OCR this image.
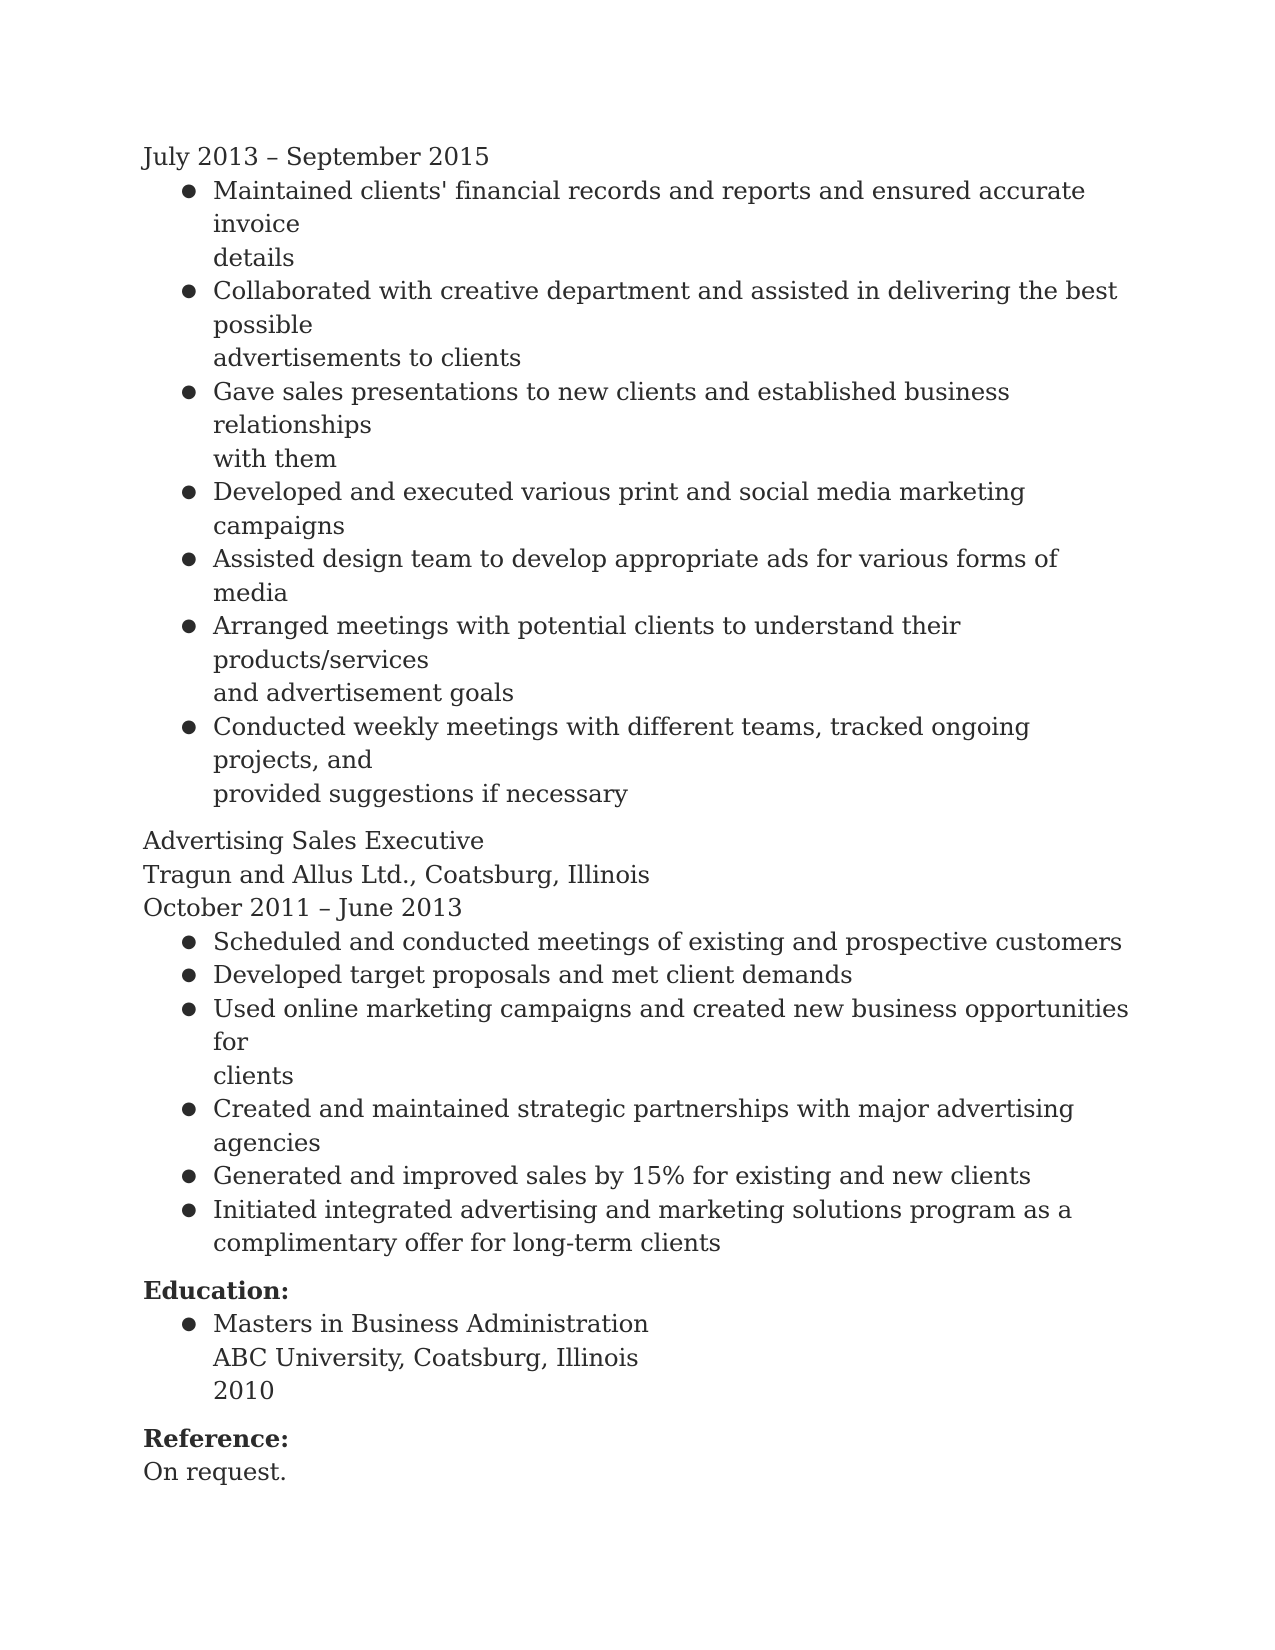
July 2013 – September 2015

● Maintained clients' financial records and reports and ensured accurate invoice
details
● Collaborated with creative department and assisted in delivering the best possible
advertisements to clients
● Gave sales presentations to new clients and established business relationships
with them
● Developed and executed various print and social media marketing campaigns
● Assisted design team to develop appropriate ads for various forms of media
● Arranged meetings with potential clients to understand their products/services
and advertisement goals
● Conducted weekly meetings with different teams, tracked ongoing projects, and
provided suggestions if necessary

Advertising Sales Executive

Tragun and Allus Ltd., Coatsburg, Illinois

October 2011 – June 2013

● Scheduled and conducted meetings of existing and prospective customers
● Developed target proposals and met client demands
● Used online marketing campaigns and created new business opportunities for
clients
● Created and maintained strategic partnerships with major advertising agencies
● Generated and improved sales by 15% for existing and new clients
● Initiated integrated advertising and marketing solutions program as a
complimentary offer for long-term clients

Education:

● Masters in Business Administration
ABC University, Coatsburg, Illinois
2010

Reference:

On request.
